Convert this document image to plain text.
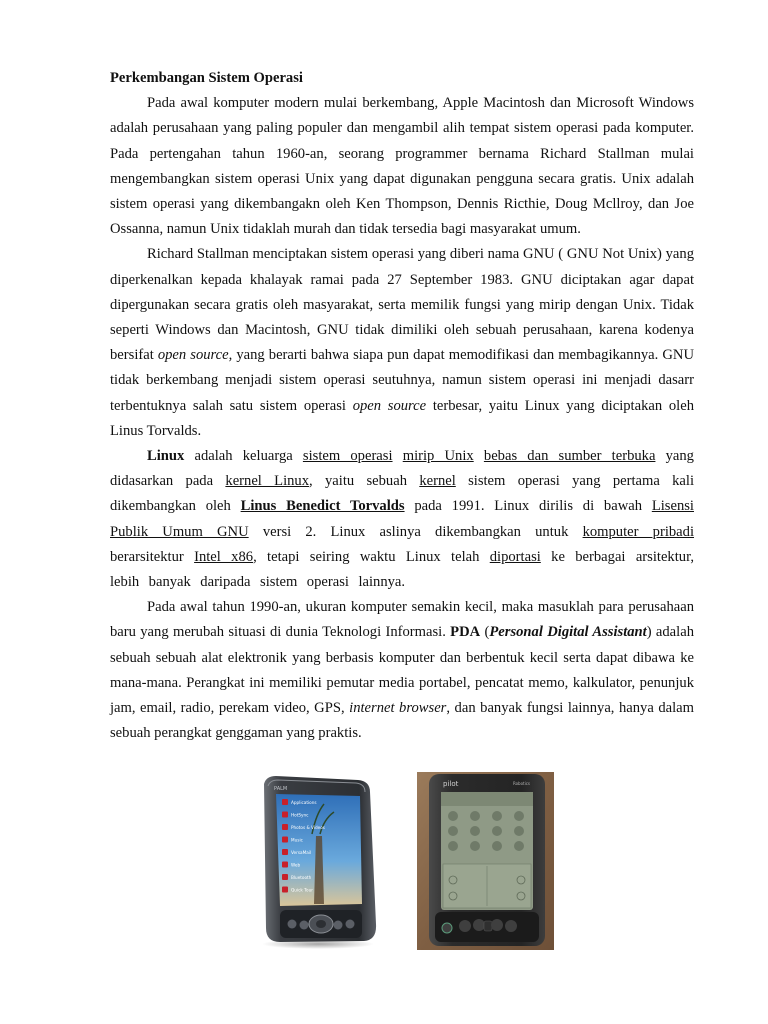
Perkembangan Sistem Operasi

Pada awal komputer modern mulai berkembang, Apple Macintosh dan Microsoft Windows adalah perusahaan yang paling populer dan mengambil alih tempat sistem operasi pada komputer. Pada pertengahan tahun 1960-an, seorang programmer bernama Richard Stallman mulai mengembangkan sistem operasi Unix yang dapat digunakan pengguna secara gratis. Unix adalah sistem operasi yang dikembangakn oleh Ken Thompson, Dennis Ricthie, Doug Mcllroy, dan Joe Ossanna, namun Unix tidaklah murah dan tidak tersedia bagi masyarakat umum.

Richard Stallman menciptakan sistem operasi yang diberi nama GNU ( GNU Not Unix) yang diperkenalkan kepada khalayak ramai pada 27 September 1983. GNU diciptakan agar dapat dipergunakan secara gratis oleh masyarakat, serta memilik fungsi yang mirip dengan Unix. Tidak seperti Windows dan Macintosh, GNU tidak dimiliki oleh sebuah perusahaan, karena kodenya bersifat open source, yang berarti bahwa siapa pun dapat memodifikasi dan membagikannya. GNU tidak berkembang menjadi sistem operasi seutuhnya, namun sistem operasi ini menjadi dasarr terbentuknya salah satu sistem operasi open source terbesar, yaitu Linux yang diciptakan oleh Linus Torvalds.

Linux adalah keluarga sistem operasi mirip Unix bebas dan sumber terbuka yang didasarkan pada kernel Linux, yaitu sebuah kernel sistem operasi yang pertama kali dikembangkan oleh Linus Benedict Torvalds pada 1991. Linux dirilis di bawah Lisensi Publik Umum GNU versi 2. Linux aslinya dikembangkan untuk komputer pribadi berarsitektur Intel x86, tetapi seiring waktu Linux telah diportasi ke berbagai arsitektur, lebih banyak daripada sistem operasi lainnya.

Pada awal tahun 1990-an, ukuran komputer semakin kecil, maka masuklah para perusahaan baru yang merubah situasi di dunia Teknologi Informasi. PDA (Personal Digital Assistant) adalah sebuah sebuah alat elektronik yang berbasis komputer dan berbentuk kecil serta dapat dibawa ke mana-mana. Perangkat ini memiliki pemutar media portabel, pencatat memo, kalkulator, penunjuk jam, email, radio, perekam video, GPS, internet browser, dan banyak fungsi lainnya, hanya dalam sebuah perangkat genggaman yang praktis.

PALM
Applications
HotSync
Photos & Videos
Music
VersaMail
Web
Bluetooth
Quick Tour
pilot	Robotics
